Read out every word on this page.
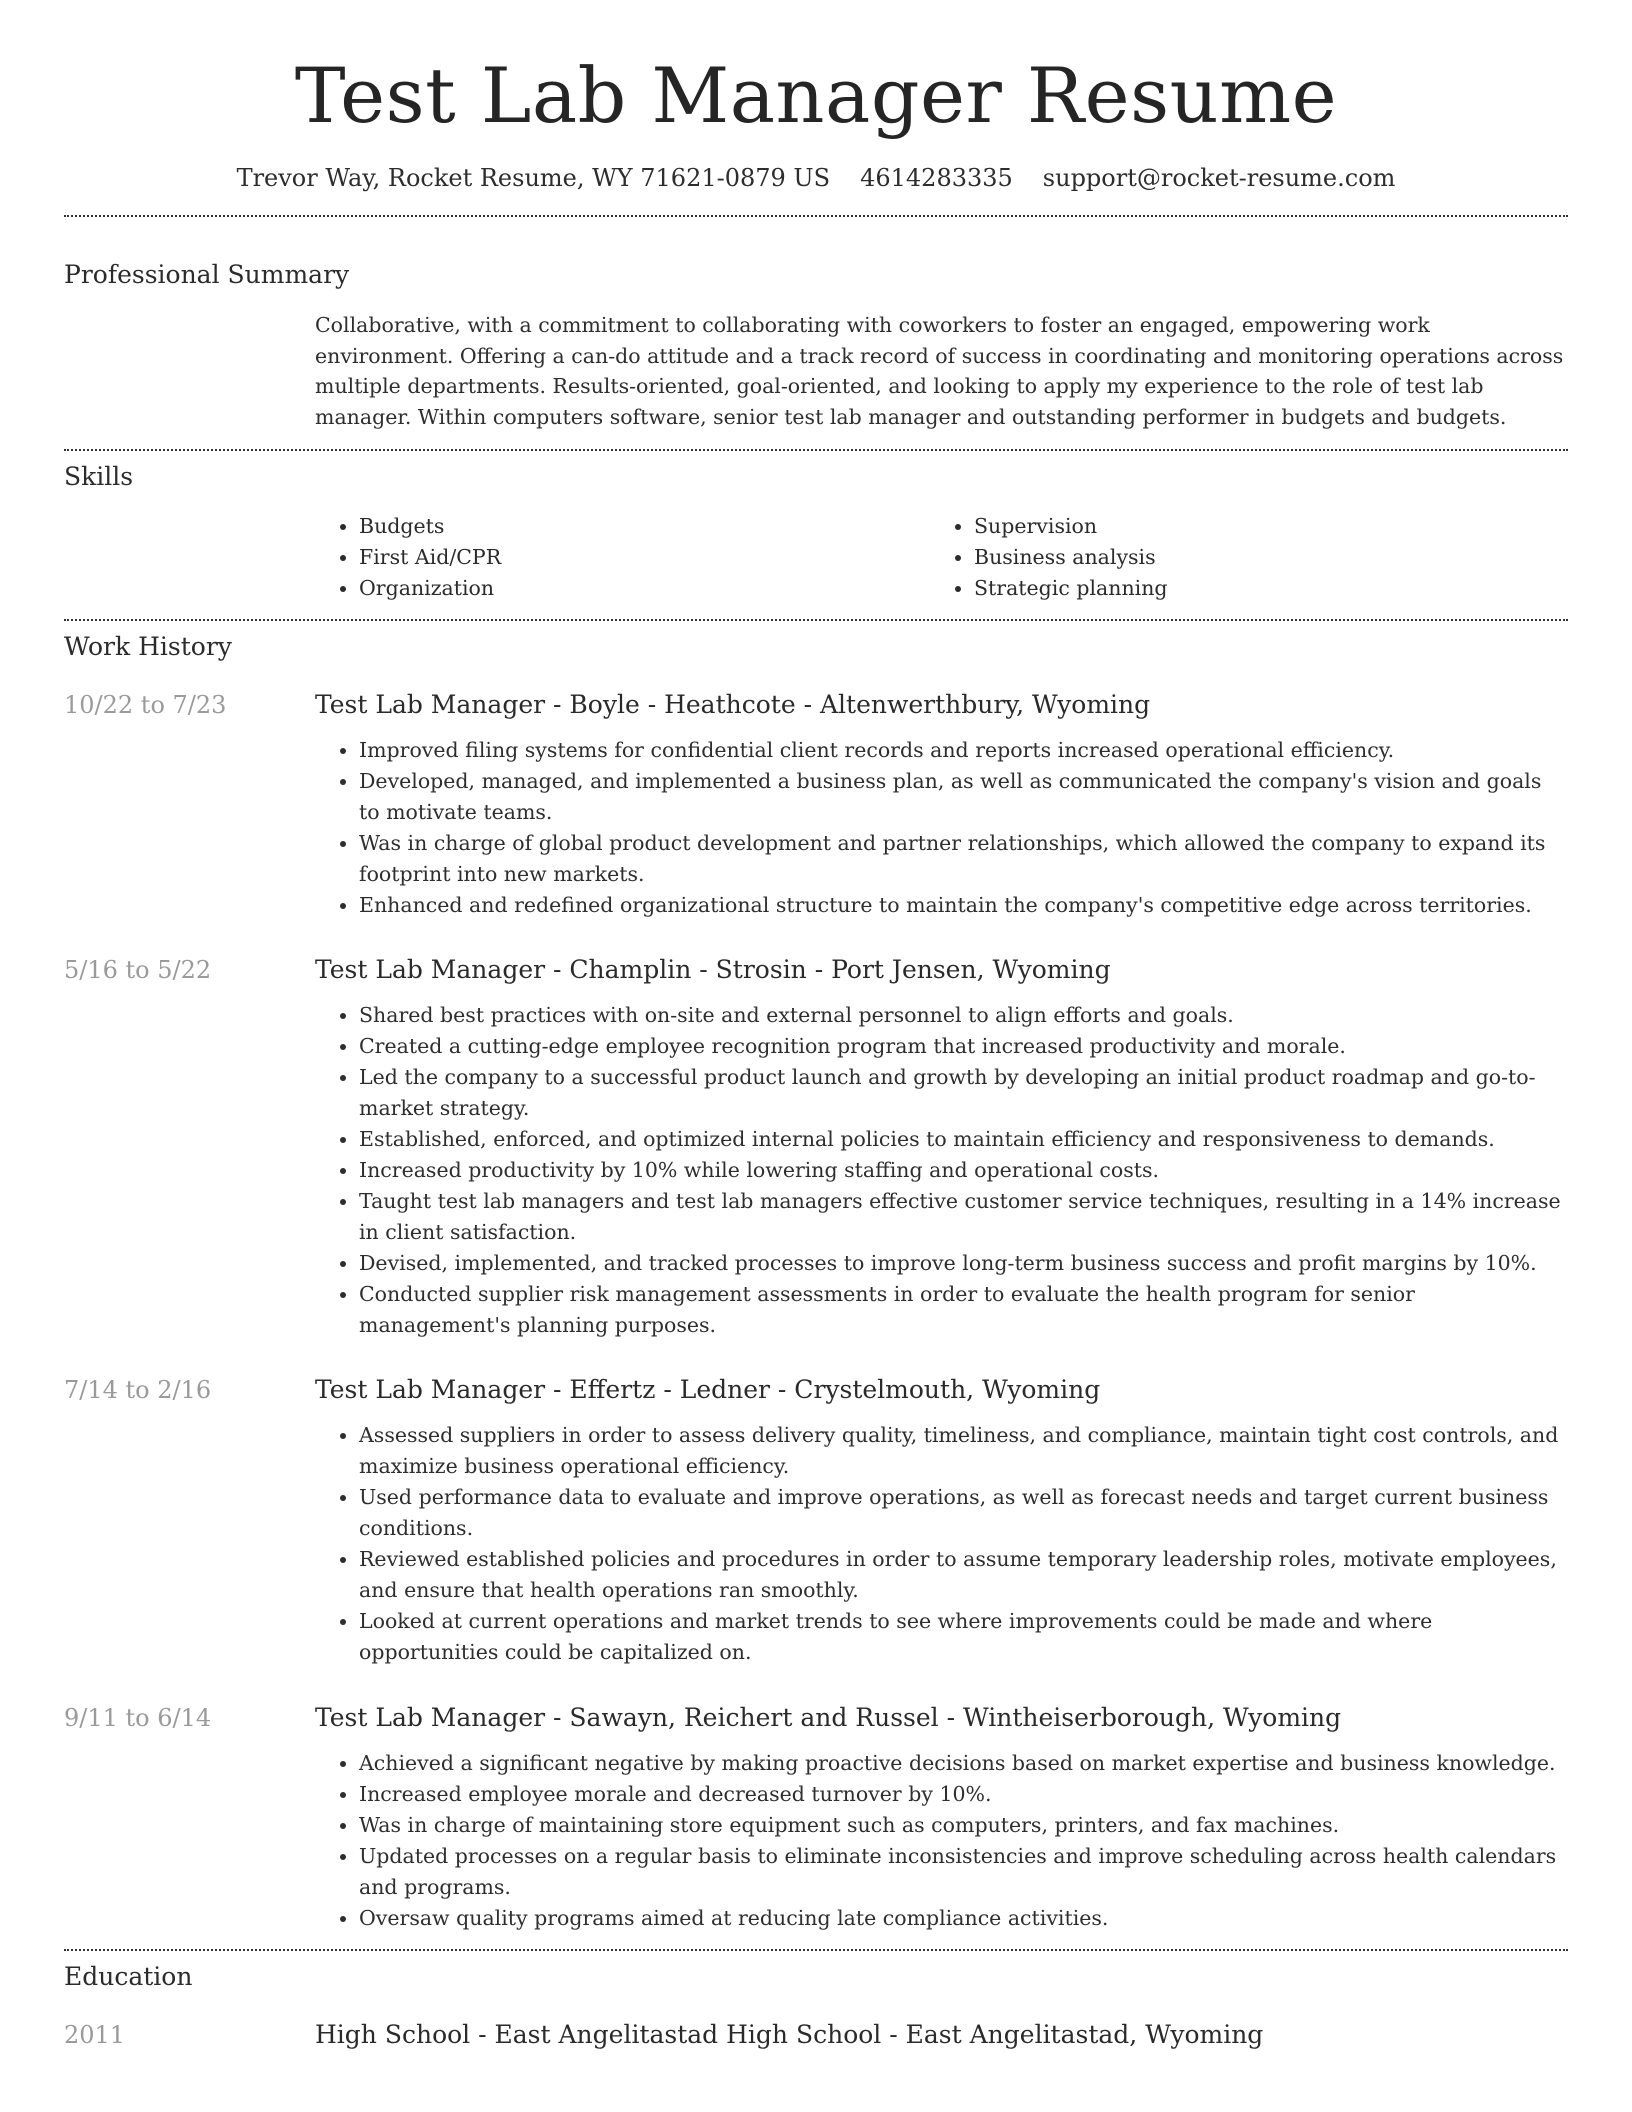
Test Lab Manager Resume
Trevor Way, Rocket Resume, WY 71621-0879 US 4614283335 support@rocket-resume.com
Professional Summary

Collaborative, with a commitment to collaborating with coworkers to foster an engaged, empowering work environment. Offering a can-do attitude and a track record of success in coordinating and monitoring operations across multiple departments. Results-oriented, goal-oriented, and looking to apply my experience to the role of test lab manager. Within computers software, senior test lab manager and outstanding performer in budgets and budgets.

Skills
• Budgets
• First Aid/CPR
• Organization
• Supervision
• Business analysis
• Strategic planning
Work History
10/22 to 7/23	Test Lab Manager - Boyle - Heathcote - Altenwerthbury, Wyoming
• Improved filing systems for confidential client records and reports increased operational efficiency.
• Developed, managed, and implemented a business plan, as well as communicated the company's vision and goals to motivate teams.
• Was in charge of global product development and partner relationships, which allowed the company to expand its footprint into new markets.
• Enhanced and redefined organizational structure to maintain the company's competitive edge across territories.
5/16 to 5/22	Test Lab Manager - Champlin - Strosin - Port Jensen, Wyoming
• Shared best practices with on-site and external personnel to align efforts and goals.
• Created a cutting-edge employee recognition program that increased productivity and morale.
• Led the company to a successful product launch and growth by developing an initial product roadmap and go-to-market strategy.
• Established, enforced, and optimized internal policies to maintain efficiency and responsiveness to demands.
• Increased productivity by 10% while lowering staffing and operational costs.
• Taught test lab managers and test lab managers effective customer service techniques, resulting in a 14% increase in client satisfaction.
• Devised, implemented, and tracked processes to improve long-term business success and profit margins by 10%.
• Conducted supplier risk management assessments in order to evaluate the health program for senior management's planning purposes.
7/14 to 2/16	Test Lab Manager - Effertz - Ledner - Crystelmouth, Wyoming
• Assessed suppliers in order to assess delivery quality, timeliness, and compliance, maintain tight cost controls, and maximize business operational efficiency.
• Used performance data to evaluate and improve operations, as well as forecast needs and target current business conditions.
• Reviewed established policies and procedures in order to assume temporary leadership roles, motivate employees, and ensure that health operations ran smoothly.
• Looked at current operations and market trends to see where improvements could be made and where opportunities could be capitalized on.
9/11 to 6/14	Test Lab Manager - Sawayn, Reichert and Russel - Wintheiserborough, Wyoming
• Achieved a significant negative by making proactive decisions based on market expertise and business knowledge.
• Increased employee morale and decreased turnover by 10%.
• Was in charge of maintaining store equipment such as computers, printers, and fax machines.
• Updated processes on a regular basis to eliminate inconsistencies and improve scheduling across health calendars and programs.
• Oversaw quality programs aimed at reducing late compliance activities.
Education
2011	High School - East Angelitastad High School - East Angelitastad, Wyoming
